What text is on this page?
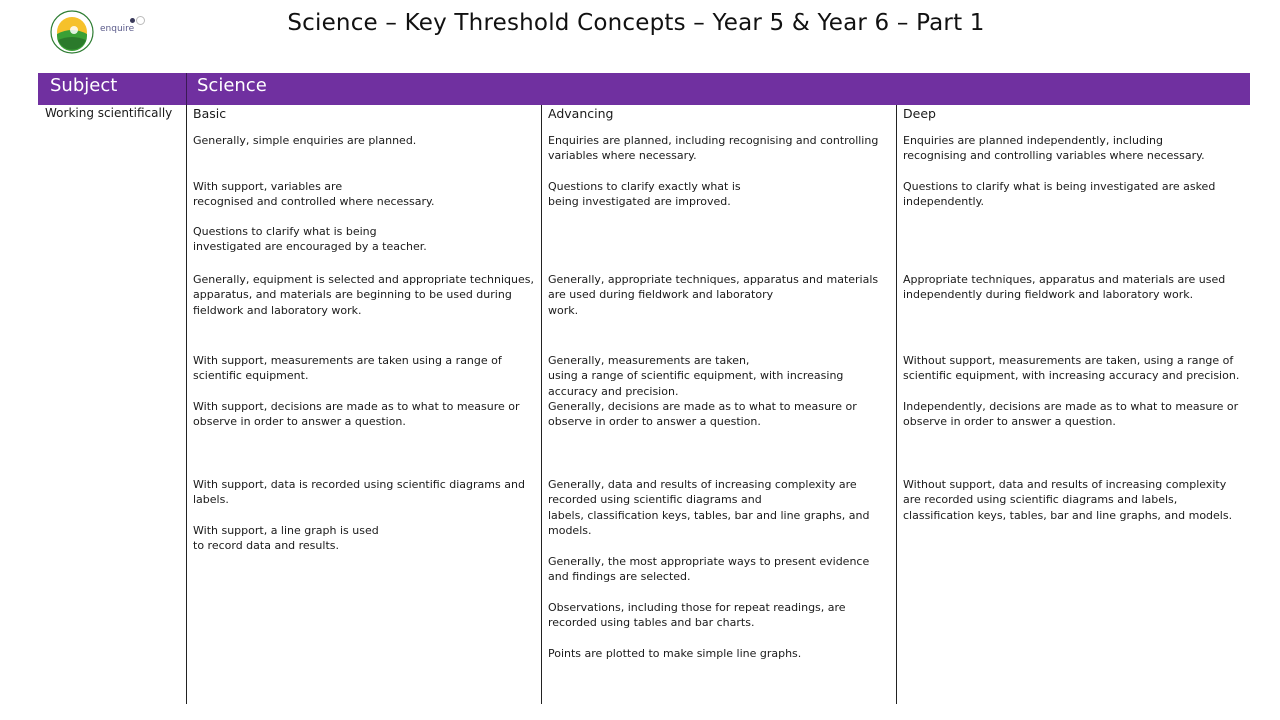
enquire	Science – Key Threshold Concepts – Year 5 & Year 6 – Part 1
Subject	Science
Working scientifically Basic
Generally, simple enquiries are planned.
With support, variables are
recognised and controlled where necessary.
Questions to clarify what is being
investigated are encouraged by a teacher.
Generally, equipment is selected and appropriate techniques,
apparatus, and materials are beginning to be used during
fieldwork and laboratory work.
With support, measurements are taken using a range of
scientific equipment.
With support, decisions are made as to what to measure or
observe in order to answer a question.
With support, data is recorded using scientific diagrams and
labels.
With support, a line graph is used
to record data and results.
Advancing
Enquiries are planned, including recognising and controlling
variables where necessary.
Questions to clarify exactly what is
being investigated are improved.
Generally, appropriate techniques, apparatus and materials
are used during fieldwork and laboratory
work.
Generally, measurements are taken,
using a range of scientific equipment, with increasing
accuracy and precision.
Generally, decisions are made as to what to measure or
observe in order to answer a question.
Generally, data and results of increasing complexity are
recorded using scientific diagrams and
labels, classification keys, tables, bar and line graphs, and
models.
Generally, the most appropriate ways to present evidence
and findings are selected.
Observations, including those for repeat readings, are
recorded using tables and bar charts.
Points are plotted to make simple line graphs.
Deep
Enquiries are planned independently, including
recognising and controlling variables where necessary.
Questions to clarify what is being investigated are asked
independently.
Appropriate techniques, apparatus and materials are used
independently during fieldwork and laboratory work.
Without support, measurements are taken, using a range of
scientific equipment, with increasing accuracy and precision.
Independently, decisions are made as to what to measure or
observe in order to answer a question.
Without support, data and results of increasing complexity
are recorded using scientific diagrams and labels,
classification keys, tables, bar and line graphs, and models.
